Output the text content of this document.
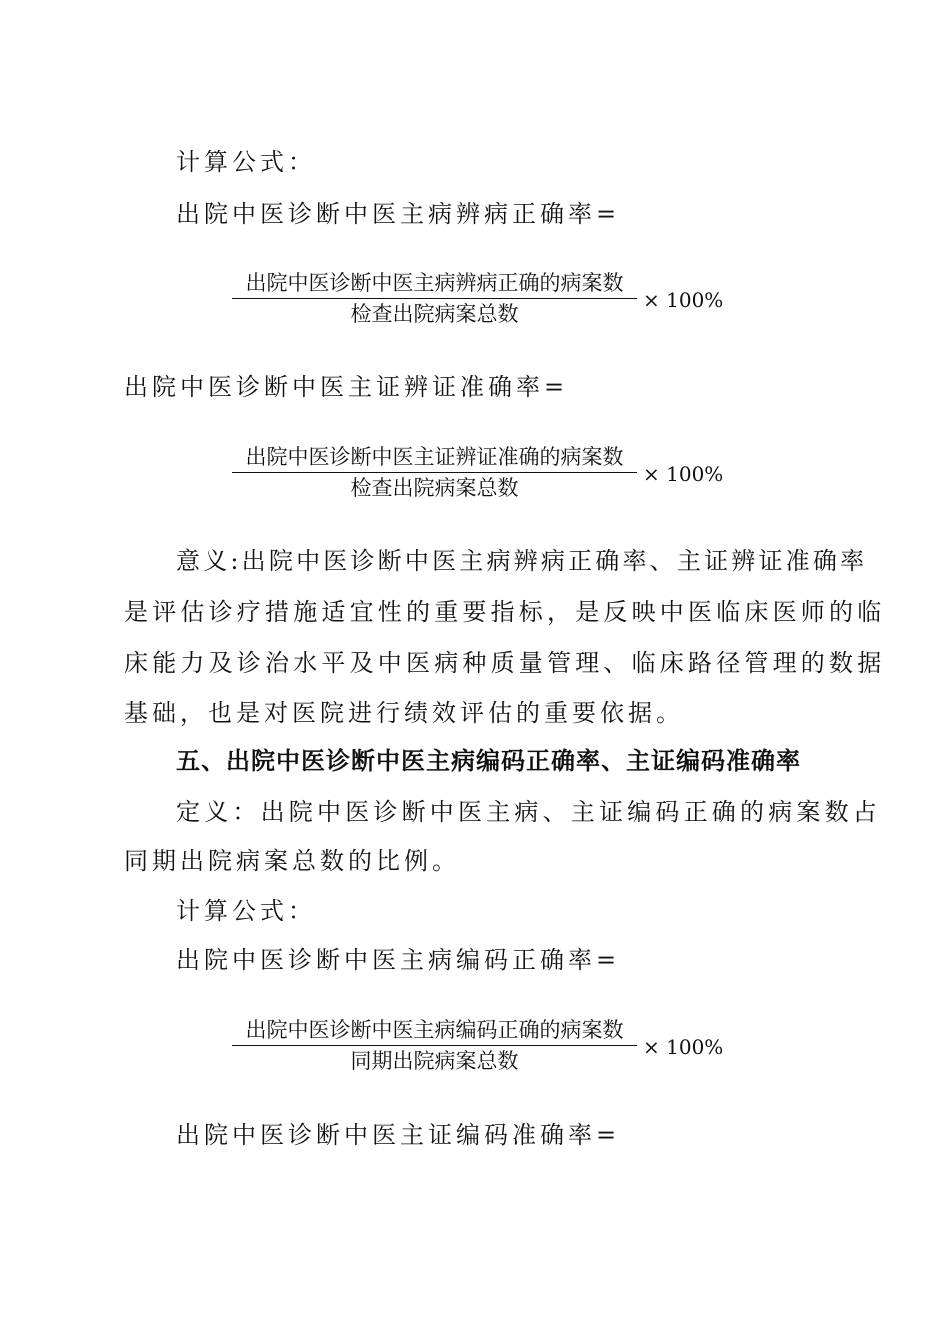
计算公式：
出院中医诊断中医主病辨病正确率=
出院中医诊断中医主病辨病正确的病案数
检查出院病案总数
× 100%
出院中医诊断中医主证辨证准确率=
出院中医诊断中医主证辨证准确的病案数
检查出院病案总数
× 100%
意义:出院中医诊断中医主病辨病正确率、主证辨证准确率
是评估诊疗措施适宜性的重要指标，是反映中医临床医师的临
床能力及诊治水平及中医病种质量管理、临床路径管理的数据
基础，也是对医院进行绩效评估的重要依据。
五、出院中医诊断中医主病编码正确率、主证编码准确率
定义：出院中医诊断中医主病、主证编码正确的病案数占
同期出院病案总数的比例。
计算公式：
出院中医诊断中医主病编码正确率=
出院中医诊断中医主病编码正确的病案数
同期出院病案总数
× 100%
出院中医诊断中医主证编码准确率=
